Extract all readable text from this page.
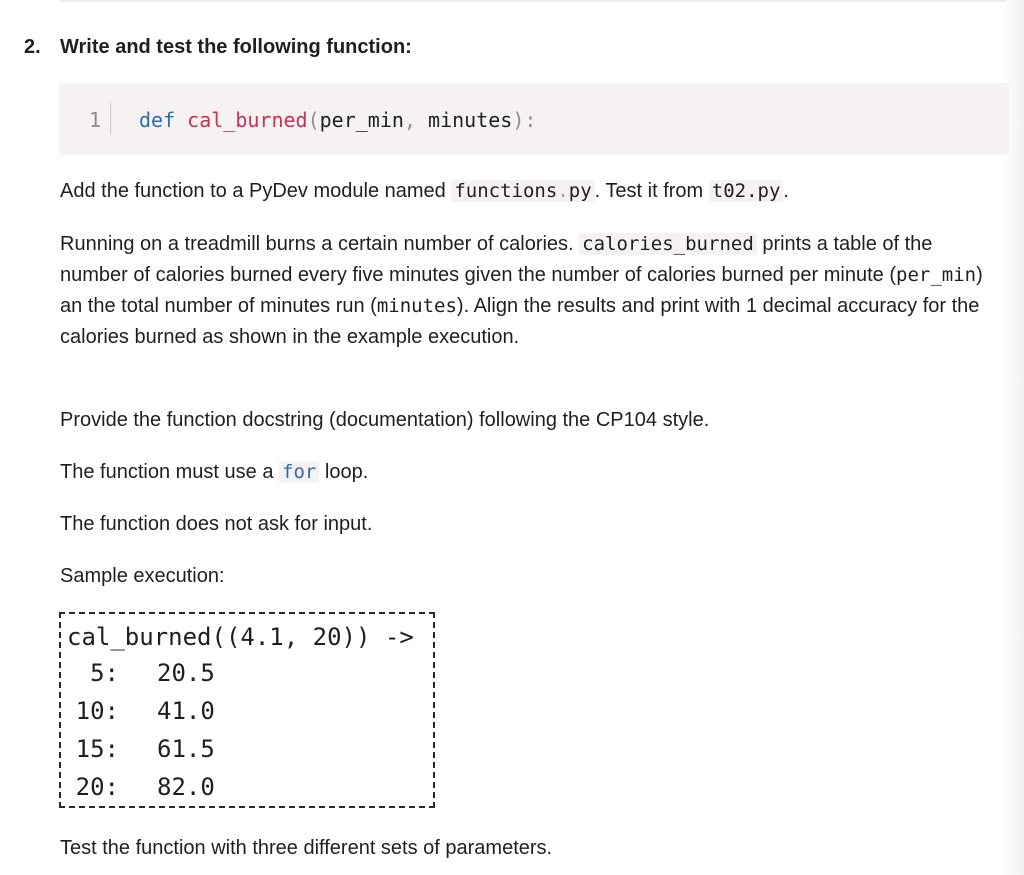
2. Write and test the following function:
1	def cal_burned(per_min, minutes):

Add the function to a PyDev module named functions.py . Test it from t02.py .

Running on a treadmill burns a certain number of calories. calories_burned prints a table of the number of calories burned every five minutes given the number of calories burned per minute (per_min) an the total number of minutes run (minutes). Align the results and print with 1 decimal accuracy for the calories burned as shown in the example execution.

Provide the function docstring (documentation) following the CP104 style.

The function must use a for loop.

The function does not ask for input.

Sample execution:

cal_burned((4.1, 20)) ->
5: 20.5
10: 41.0
15: 61.5
20: 82.0

Test the function with three different sets of parameters.
